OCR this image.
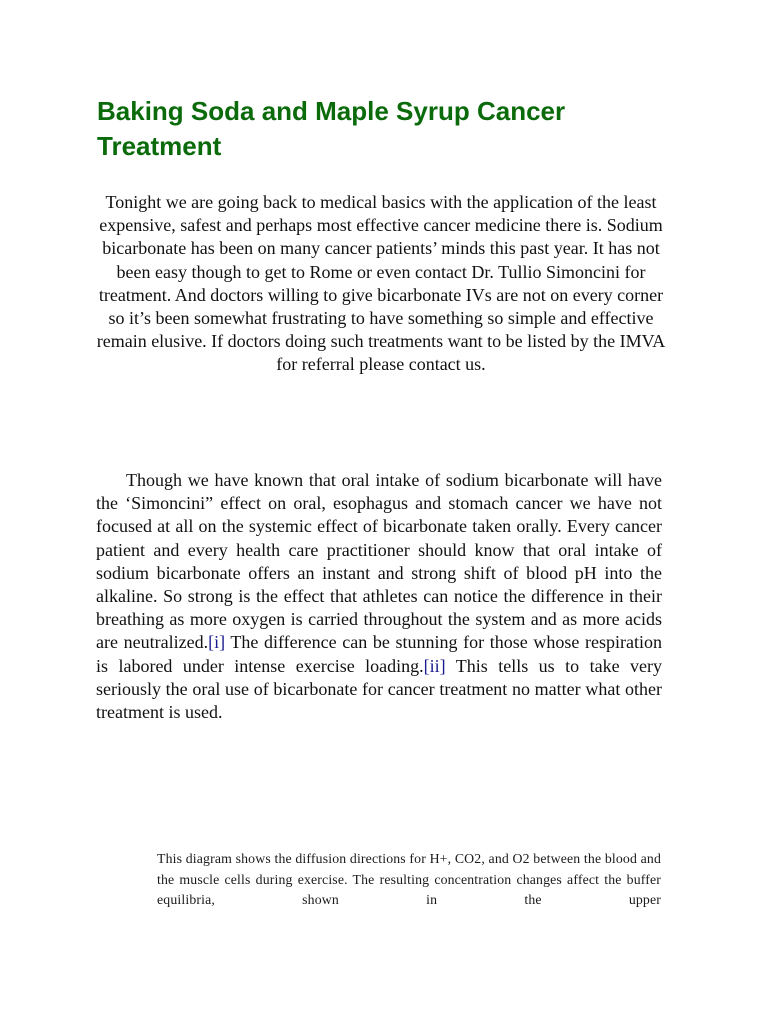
Baking Soda and Maple Syrup Cancer Treatment

Tonight we are going back to medical basics with the application of the least expensive, safest and perhaps most effective cancer medicine there is. Sodium bicarbonate has been on many cancer patients’ minds this past year. It has not been easy though to get to Rome or even contact Dr. Tullio Simoncini for treatment. And doctors willing to give bicarbonate IVs are not on every corner so it’s been somewhat frustrating to have something so simple and effective remain elusive. If doctors doing such treatments want to be listed by the IMVA for referral please contact us.

Though we have known that oral intake of sodium bicarbonate will have the ‘Simoncini” effect on oral, esophagus and stomach cancer we have not focused at all on the systemic effect of bicarbonate taken orally. Every cancer patient and every health care practitioner should know that oral intake of sodium bicarbonate offers an instant and strong shift of blood pH into the alkaline. So strong is the effect that athletes can notice the difference in their breathing as more oxygen is carried throughout the system and as more acids are neutralized.[i] The difference can be stunning for those whose respiration is labored under intense exercise loading.[ii] This tells us to take very seriously the oral use of bicarbonate for cancer treatment no matter what other treatment is used.

This diagram shows the diffusion directions for H+, CO2, and O2 between the blood and the muscle cells during exercise. The resulting concentration changes affect the buffer equilibria, shown in the upper
